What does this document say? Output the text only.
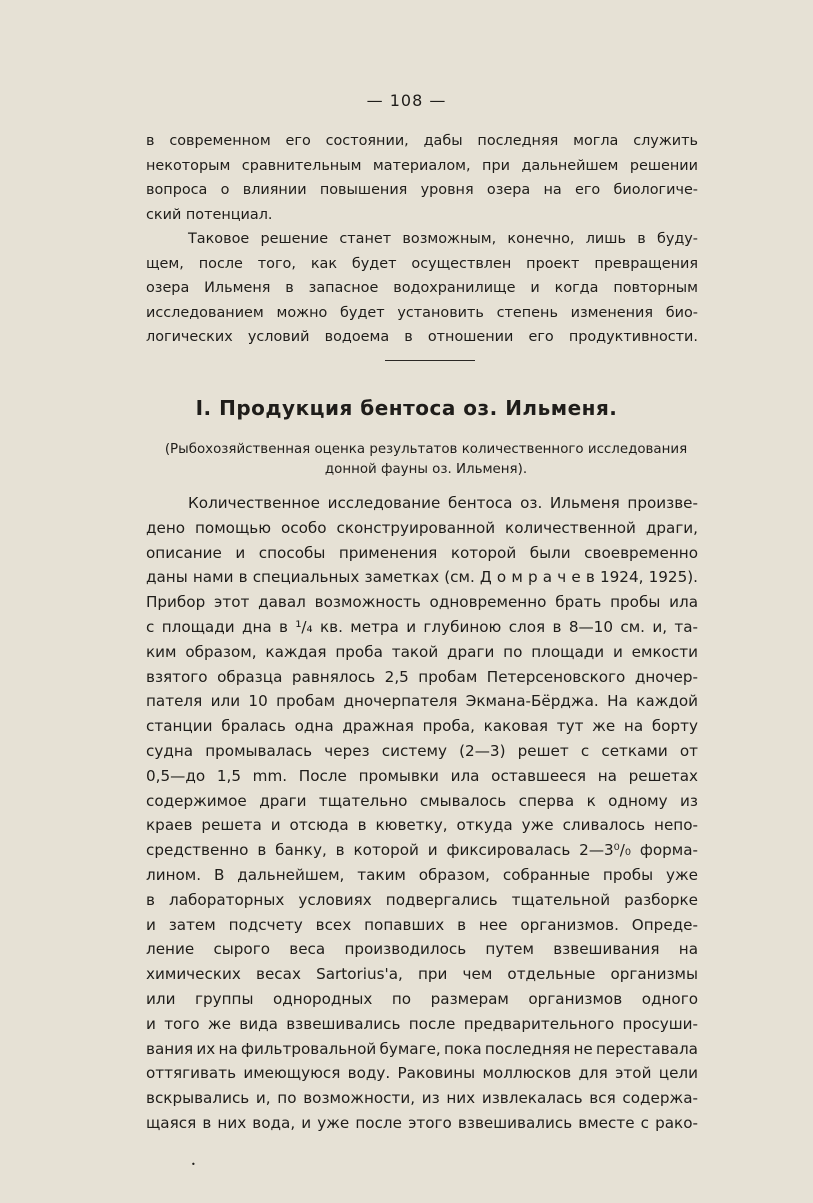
— 108 —
в современном его состоянии, дабы последняя могла служить
некоторым сравнительным материалом, при дальнейшем решении
вопроса о влиянии повышения уровня озера на его биологиче-
ский потенциал.
Таковое решение станет возможным, конечно, лишь в буду-
щем, после того, как будет осуществлен проект превращения
озера Ильменя в запасное водохранилище и когда повторным
исследованием можно будет установить степень изменения био-
логических условий водоема в отношении его продуктивности.
I. Продукция бентоса оз. Ильменя.
(Рыбохозяйственная оценка результатов количественного исследования
донной фауны оз. Ильменя).
Количественное исследование бентоса оз. Ильменя произве-
дено помощью особо сконструированной количественной драги,
описание и способы применения которой были своевременно
даны нами в специальных заметках (см. Д о м р а ч е в 1924, 1925).
Прибор этот давал возможность одновременно брать пробы ила
с площади дна в ¹/₄ кв. метра и глубиною слоя в 8—10 см. и, та-
ким образом, каждая проба такой драги по площади и емкости
взятого образца равнялось 2,5 пробам Петерсеновского дночер-
пателя или 10 пробам дночерпателя Экмана-Бёрджа. На каждой
станции бралась одна дражная проба, каковая тут же на борту
судна промывалась через систему (2—3) решет с сетками от
0,5—до 1,5 mm. После промывки ила оставшееся на решетах
содержимое драги тщательно смывалось сперва к одному из
краев решета и отсюда в кюветку, откуда уже сливалось непо-
средственно в банку, в которой и фиксировалась 2—3⁰/₀ форма-
лином. В дальнейшем, таким образом, собранные пробы уже
в лабораторных условиях подвергались тщательной разборке
и затем подсчету всех попавших в нее организмов. Опреде-
ление сырого веса производилось путем взвешивания на
химических весах Sartorius'a, при чем отдельные организмы
или группы однородных по размерам организмов одного
и того же вида взвешивались после предварительного просуши-
вания их на фильтровальной бумаге, пока последняя не переставала
оттягивать имеющуюся воду. Раковины моллюсков для этой цели
вскрывались и, по возможности, из них извлекалась вся содержа-
щаяся в них вода, и уже после этого взвешивались вместе с рако-
•
